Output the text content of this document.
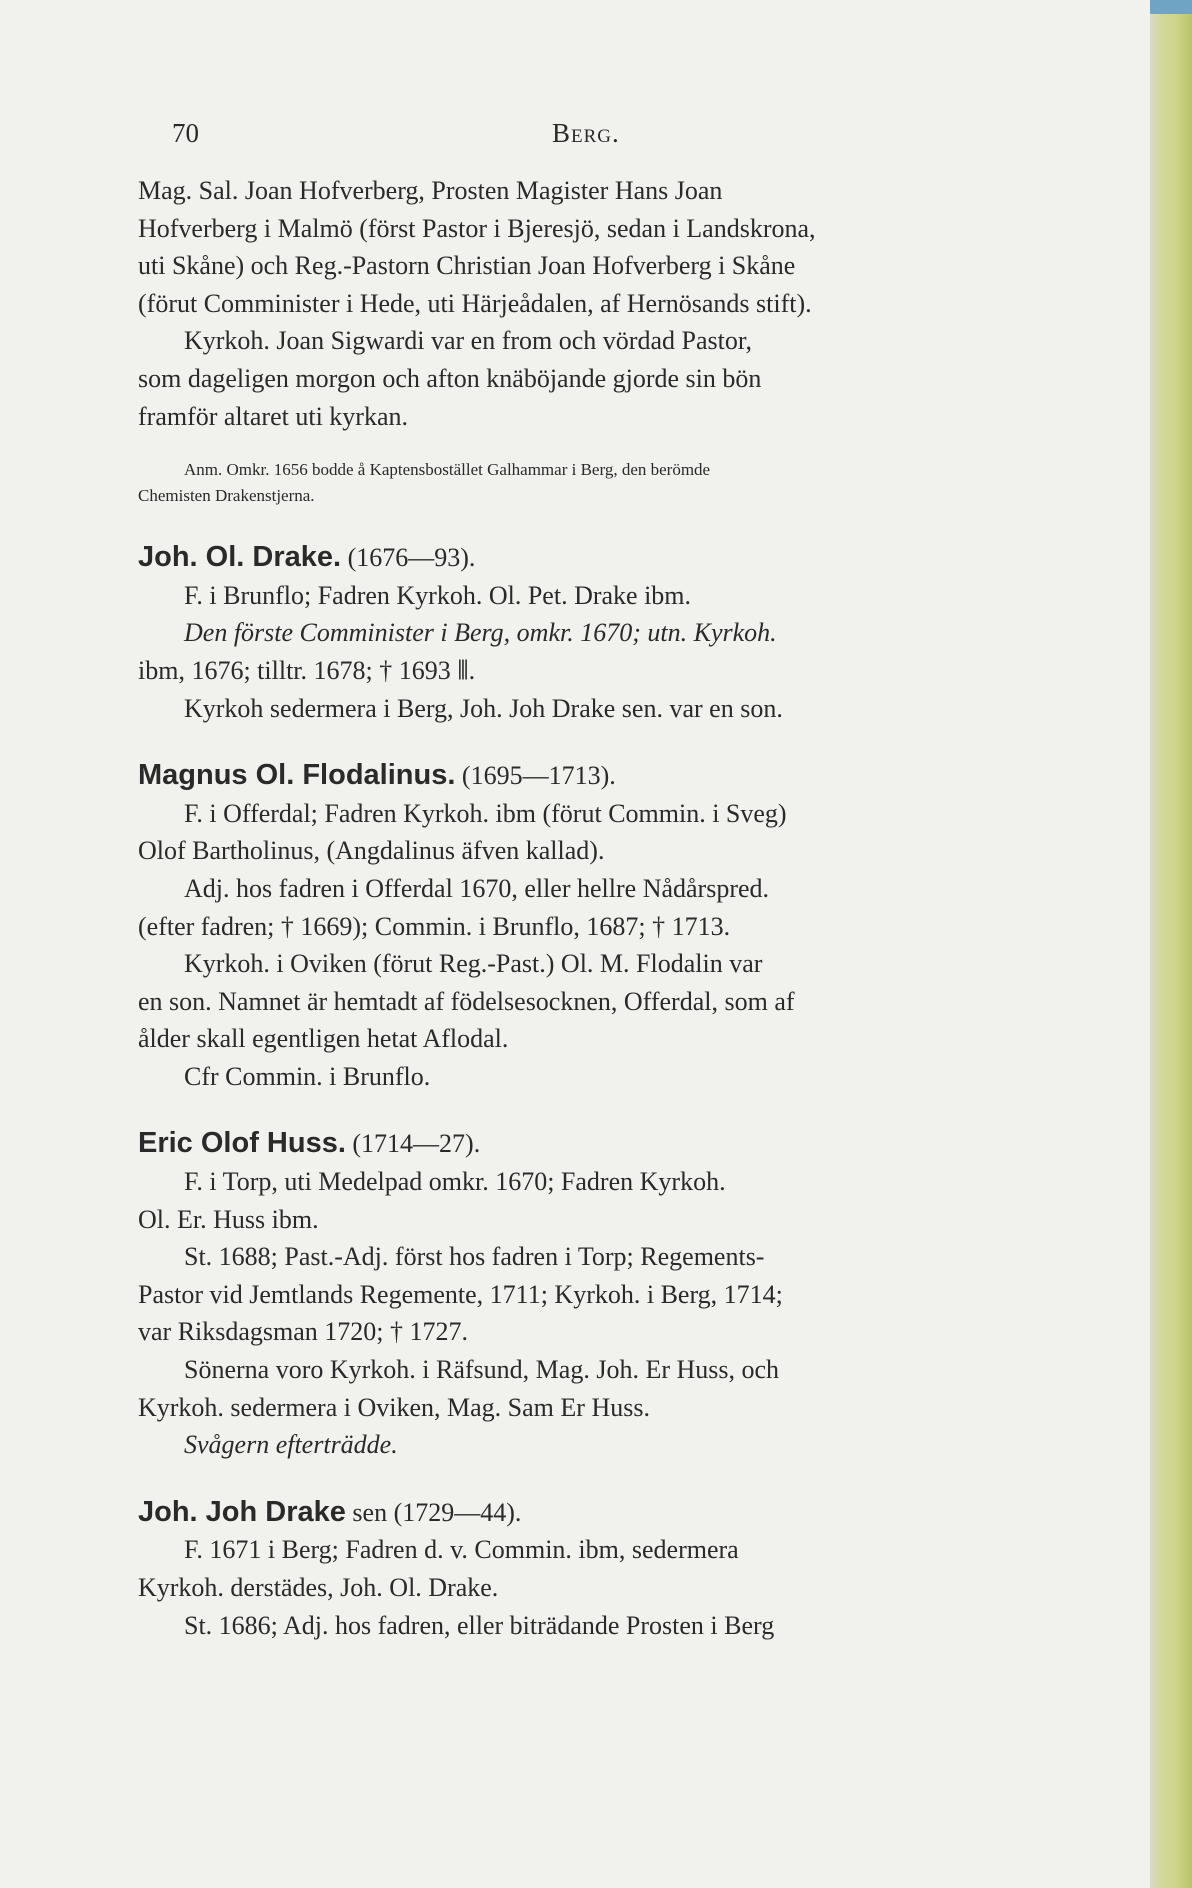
70	Berg.
Mag. Sal. Joan Hofverberg, Prosten Magister Hans Joan
Hofverberg i Malmö (först Pastor i Bjeresjö, sedan i Landskrona,
uti Skåne) och Reg.-Pastorn Christian Joan Hofverberg i Skåne
(förut Comminister i Hede, uti Härjeådalen, af Hernösands stift).
Kyrkoh. Joan Sigwardi var en from och vördad Pastor,
som dageligen morgon och afton knäböjande gjorde sin bön
framför altaret uti kyrkan.
Anm. Omkr. 1656 bodde å Kaptensbostället Galhammar i Berg, den berömde
Chemisten Drakenstjerna.
Joh. Ol. Drake. (1676—93).
F. i Brunflo; Fadren Kyrkoh. Ol. Pet. Drake ibm.
Den förste Comminister i Berg, omkr. 1670; utn. Kyrkoh.
ibm, 1676; tilltr. 1678; † 1693 ⦀.
Kyrkoh sedermera i Berg, Joh. Joh Drake sen. var en son.
Magnus Ol. Flodalinus. (1695—1713).
F. i Offerdal; Fadren Kyrkoh. ibm (förut Commin. i Sveg)
Olof Bartholinus, (Angdalinus äfven kallad).
Adj. hos fadren i Offerdal 1670, eller hellre Nådårspred.
(efter fadren; † 1669); Commin. i Brunflo, 1687; † 1713.
Kyrkoh. i Oviken (förut Reg.-Past.) Ol. M. Flodalin var
en son. Namnet är hemtadt af födelsesocknen, Offerdal, som af
ålder skall egentligen hetat Aflodal.
Cfr Commin. i Brunflo.
Eric Olof Huss. (1714—27).
F. i Torp, uti Medelpad omkr. 1670; Fadren Kyrkoh.
Ol. Er. Huss ibm.
St. 1688; Past.-Adj. först hos fadren i Torp; Regements-
Pastor vid Jemtlands Regemente, 1711; Kyrkoh. i Berg, 1714;
var Riksdagsman 1720; † 1727.
Sönerna voro Kyrkoh. i Räfsund, Mag. Joh. Er Huss, och
Kyrkoh. sedermera i Oviken, Mag. Sam Er Huss.
Svågern efterträdde.
Joh. Joh Drake sen (1729—44).
F. 1671 i Berg; Fadren d. v. Commin. ibm, sedermera
Kyrkoh. derstädes, Joh. Ol. Drake.
St. 1686; Adj. hos fadren, eller biträdande Prosten i Berg
